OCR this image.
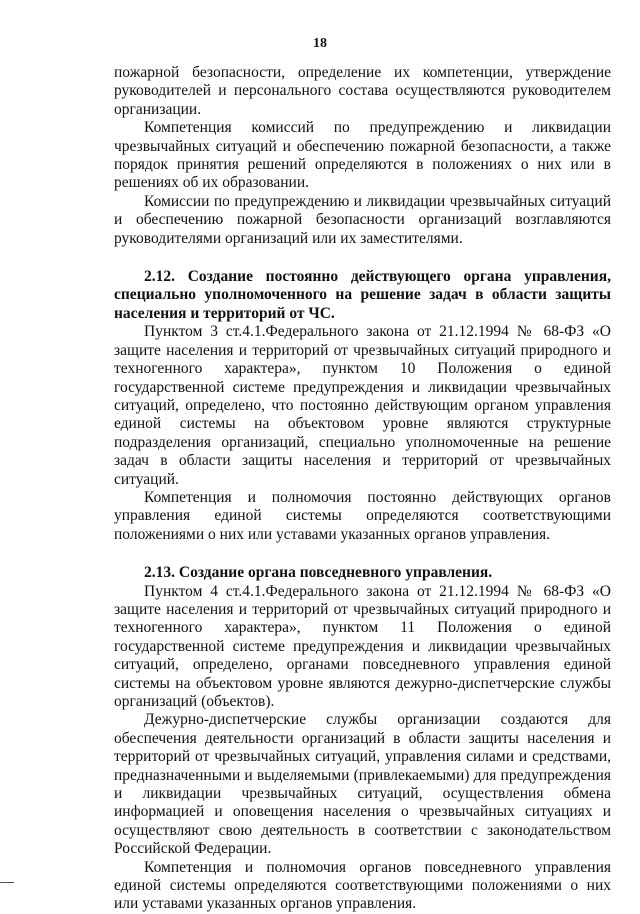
18

пожарной безопасности, определение их компетенции, утверждение руководителей и персонального состава осуществляются руководителем организации.

Компетенция комиссий по предупреждению и ликвидации чрезвычайных ситуаций и обеспечению пожарной безопасности, а также порядок принятия решений определяются в положениях о них или в решениях об их образовании.

Комиссии по предупреждению и ликвидации чрезвычайных ситуаций и обеспечению пожарной безопасности организаций возглавляются руководителями организаций или их заместителями.

2.12. Создание постоянно действующего органа управления, специально уполномоченного на решение задач в области защиты населения и территорий от ЧС.

Пунктом 3 ст.4.1.Федерального закона от 21.12.1994 № 68-ФЗ «О защите населения и территорий от чрезвычайных ситуаций природного и техногенного характера», пунктом 10 Положения о единой государственной системе предупреждения и ликвидации чрезвычайных ситуаций, определено, что постоянно действующим органом управления единой системы на объектовом уровне являются структурные подразделения организаций, специально уполномоченные на решение задач в области защиты населения и территорий от чрезвычайных ситуаций.

Компетенция и полномочия постоянно действующих органов управления единой системы определяются соответствующими положениями о них или уставами указанных органов управления.

2.13. Создание органа повседневного управления.

Пунктом 4 ст.4.1.Федерального закона от 21.12.1994 № 68-ФЗ «О защите населения и территорий от чрезвычайных ситуаций природного и техногенного характера», пунктом 11 Положения о единой государственной системе предупреждения и ликвидации чрезвычайных ситуаций, определено, органами повседневного управления единой системы на объектовом уровне являются дежурно-диспетчерские службы организаций (объектов).

Дежурно-диспетчерские службы организации создаются для обеспечения деятельности организаций в области защиты населения и территорий от чрезвычайных ситуаций, управления силами и средствами, предназначенными и выделяемыми (привлекаемыми) для предупреждения и ликвидации чрезвычайных ситуаций, осуществления обмена информацией и оповещения населения о чрезвычайных ситуациях и осуществляют свою деятельность в соответствии с законодательством Российской Федерации.

Компетенция и полномочия органов повседневного управления единой системы определяются соответствующими положениями о них или уставами указанных органов управления.
